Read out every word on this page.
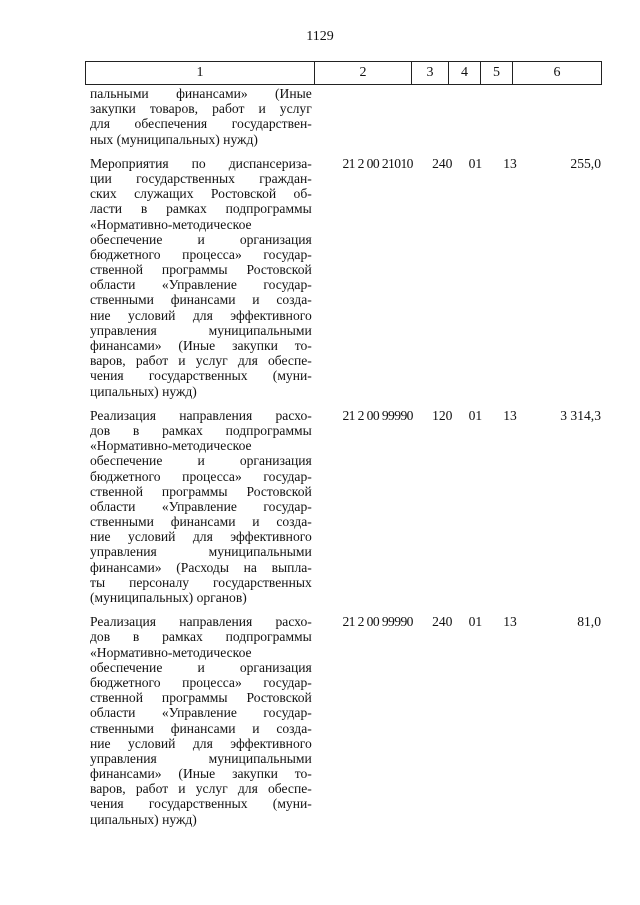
1129
1	2	3	4	5	6
пальными финансами» (Иные
закупки товаров, работ и услуг
для обеспечения государствен-
ных (муниципальных) нужд)
Мероприятия по диспансериза-
ции государственных граждан-
ских служащих Ростовской об-
ласти в рамках подпрограммы
«Нормативно-методическое
обеспечение и организация
бюджетного процесса» государ-
ственной программы Ростовской
области «Управление государ-
ственными финансами и созда-
ние условий для эффективного
управления муниципальными
финансами» (Иные закупки то-
варов, работ и услуг для обеспе-
чения государственных (муни-
ципальных) нужд)
21 2 00 21010	240	01	13	255,0
Реализация направления расхо-
дов в рамках подпрограммы
«Нормативно-методическое
обеспечение и организация
бюджетного процесса» государ-
ственной программы Ростовской
области «Управление государ-
ственными финансами и созда-
ние условий для эффективного
управления муниципальными
финансами» (Расходы на выпла-
ты персоналу государственных
(муниципальных) органов)
21 2 00 99990	120	01	13	3 314,3
Реализация направления расхо-
дов в рамках подпрограммы
«Нормативно-методическое
обеспечение и организация
бюджетного процесса» государ-
ственной программы Ростовской
области «Управление государ-
ственными финансами и созда-
ние условий для эффективного
управления муниципальными
финансами» (Иные закупки то-
варов, работ и услуг для обеспе-
чения государственных (муни-
ципальных) нужд)
21 2 00 99990	240	01	13	81,0
